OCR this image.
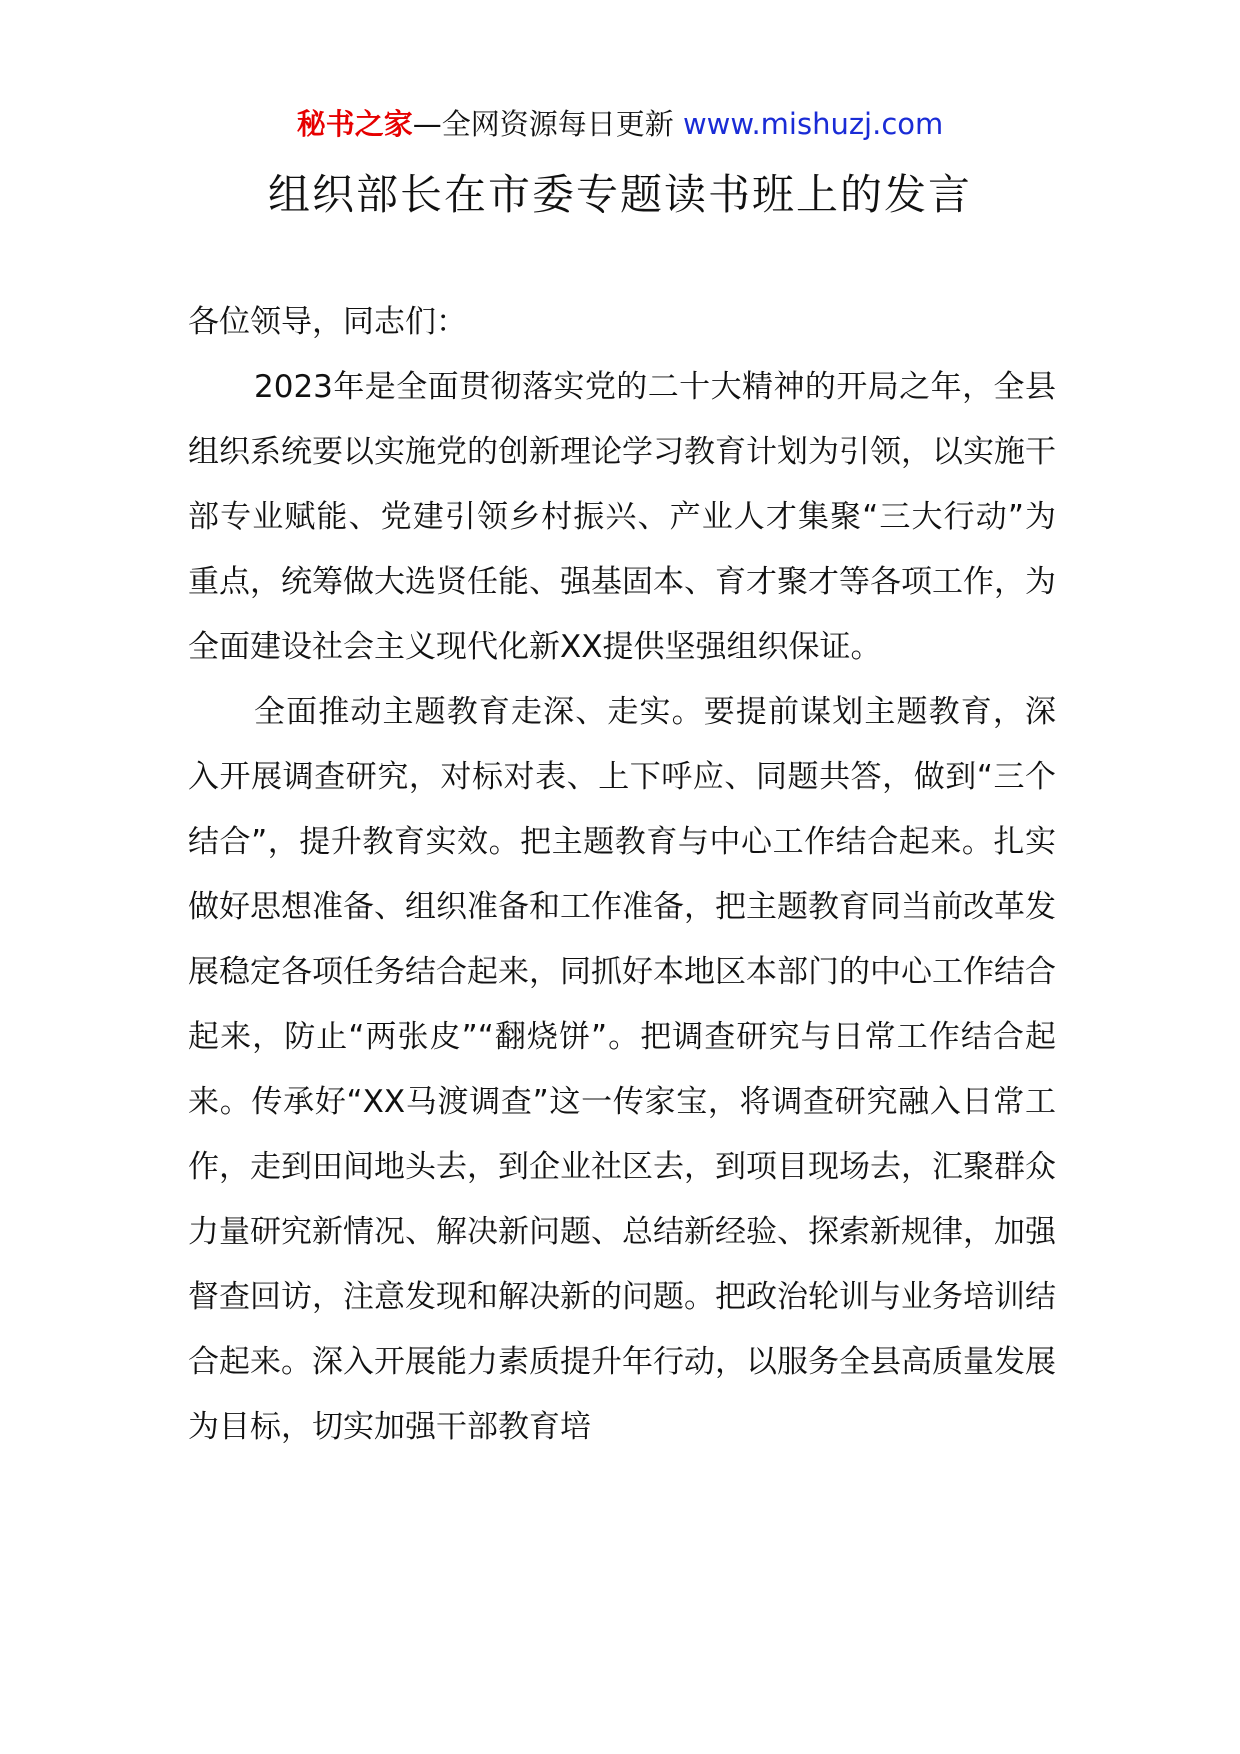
秘书之家—全网资源每日更新 www.mishuzj.com
组织部长在市委专题读书班上的发言

各位领导，同志们：

2023年是全面贯彻落实党的二十大精神的开局之年，全县组织系统要以实施党的创新理论学习教育计划为引领，以实施干部专业赋能、党建引领乡村振兴、产业人才集聚“三大行动”为重点，统筹做大选贤任能、强基固本、育才聚才等各项工作，为全面建设社会主义现代化新XX提供坚强组织保证。

全面推动主题教育走深、走实。要提前谋划主题教育，深入开展调查研究，对标对表、上下呼应、同题共答，做到“三个结合”，提升教育实效。把主题教育与中心工作结合起来。扎实做好思想准备、组织准备和工作准备，把主题教育同当前改革发展稳定各项任务结合起来，同抓好本地区本部门的中心工作结合起来，防止“两张皮”“翻烧饼”。把调查研究与日常工作结合起来。传承好“XX马渡调查”这一传家宝，将调查研究融入日常工作，走到田间地头去，到企业社区去，到项目现场去，汇聚群众力量研究新情况、解决新问题、总结新经验、探索新规律，加强督查回访，注意发现和解决新的问题。把政治轮训与业务培训结合起来。深入开展能力素质提升年行动，以服务全县高质量发展为目标，切实加强干部教育培
